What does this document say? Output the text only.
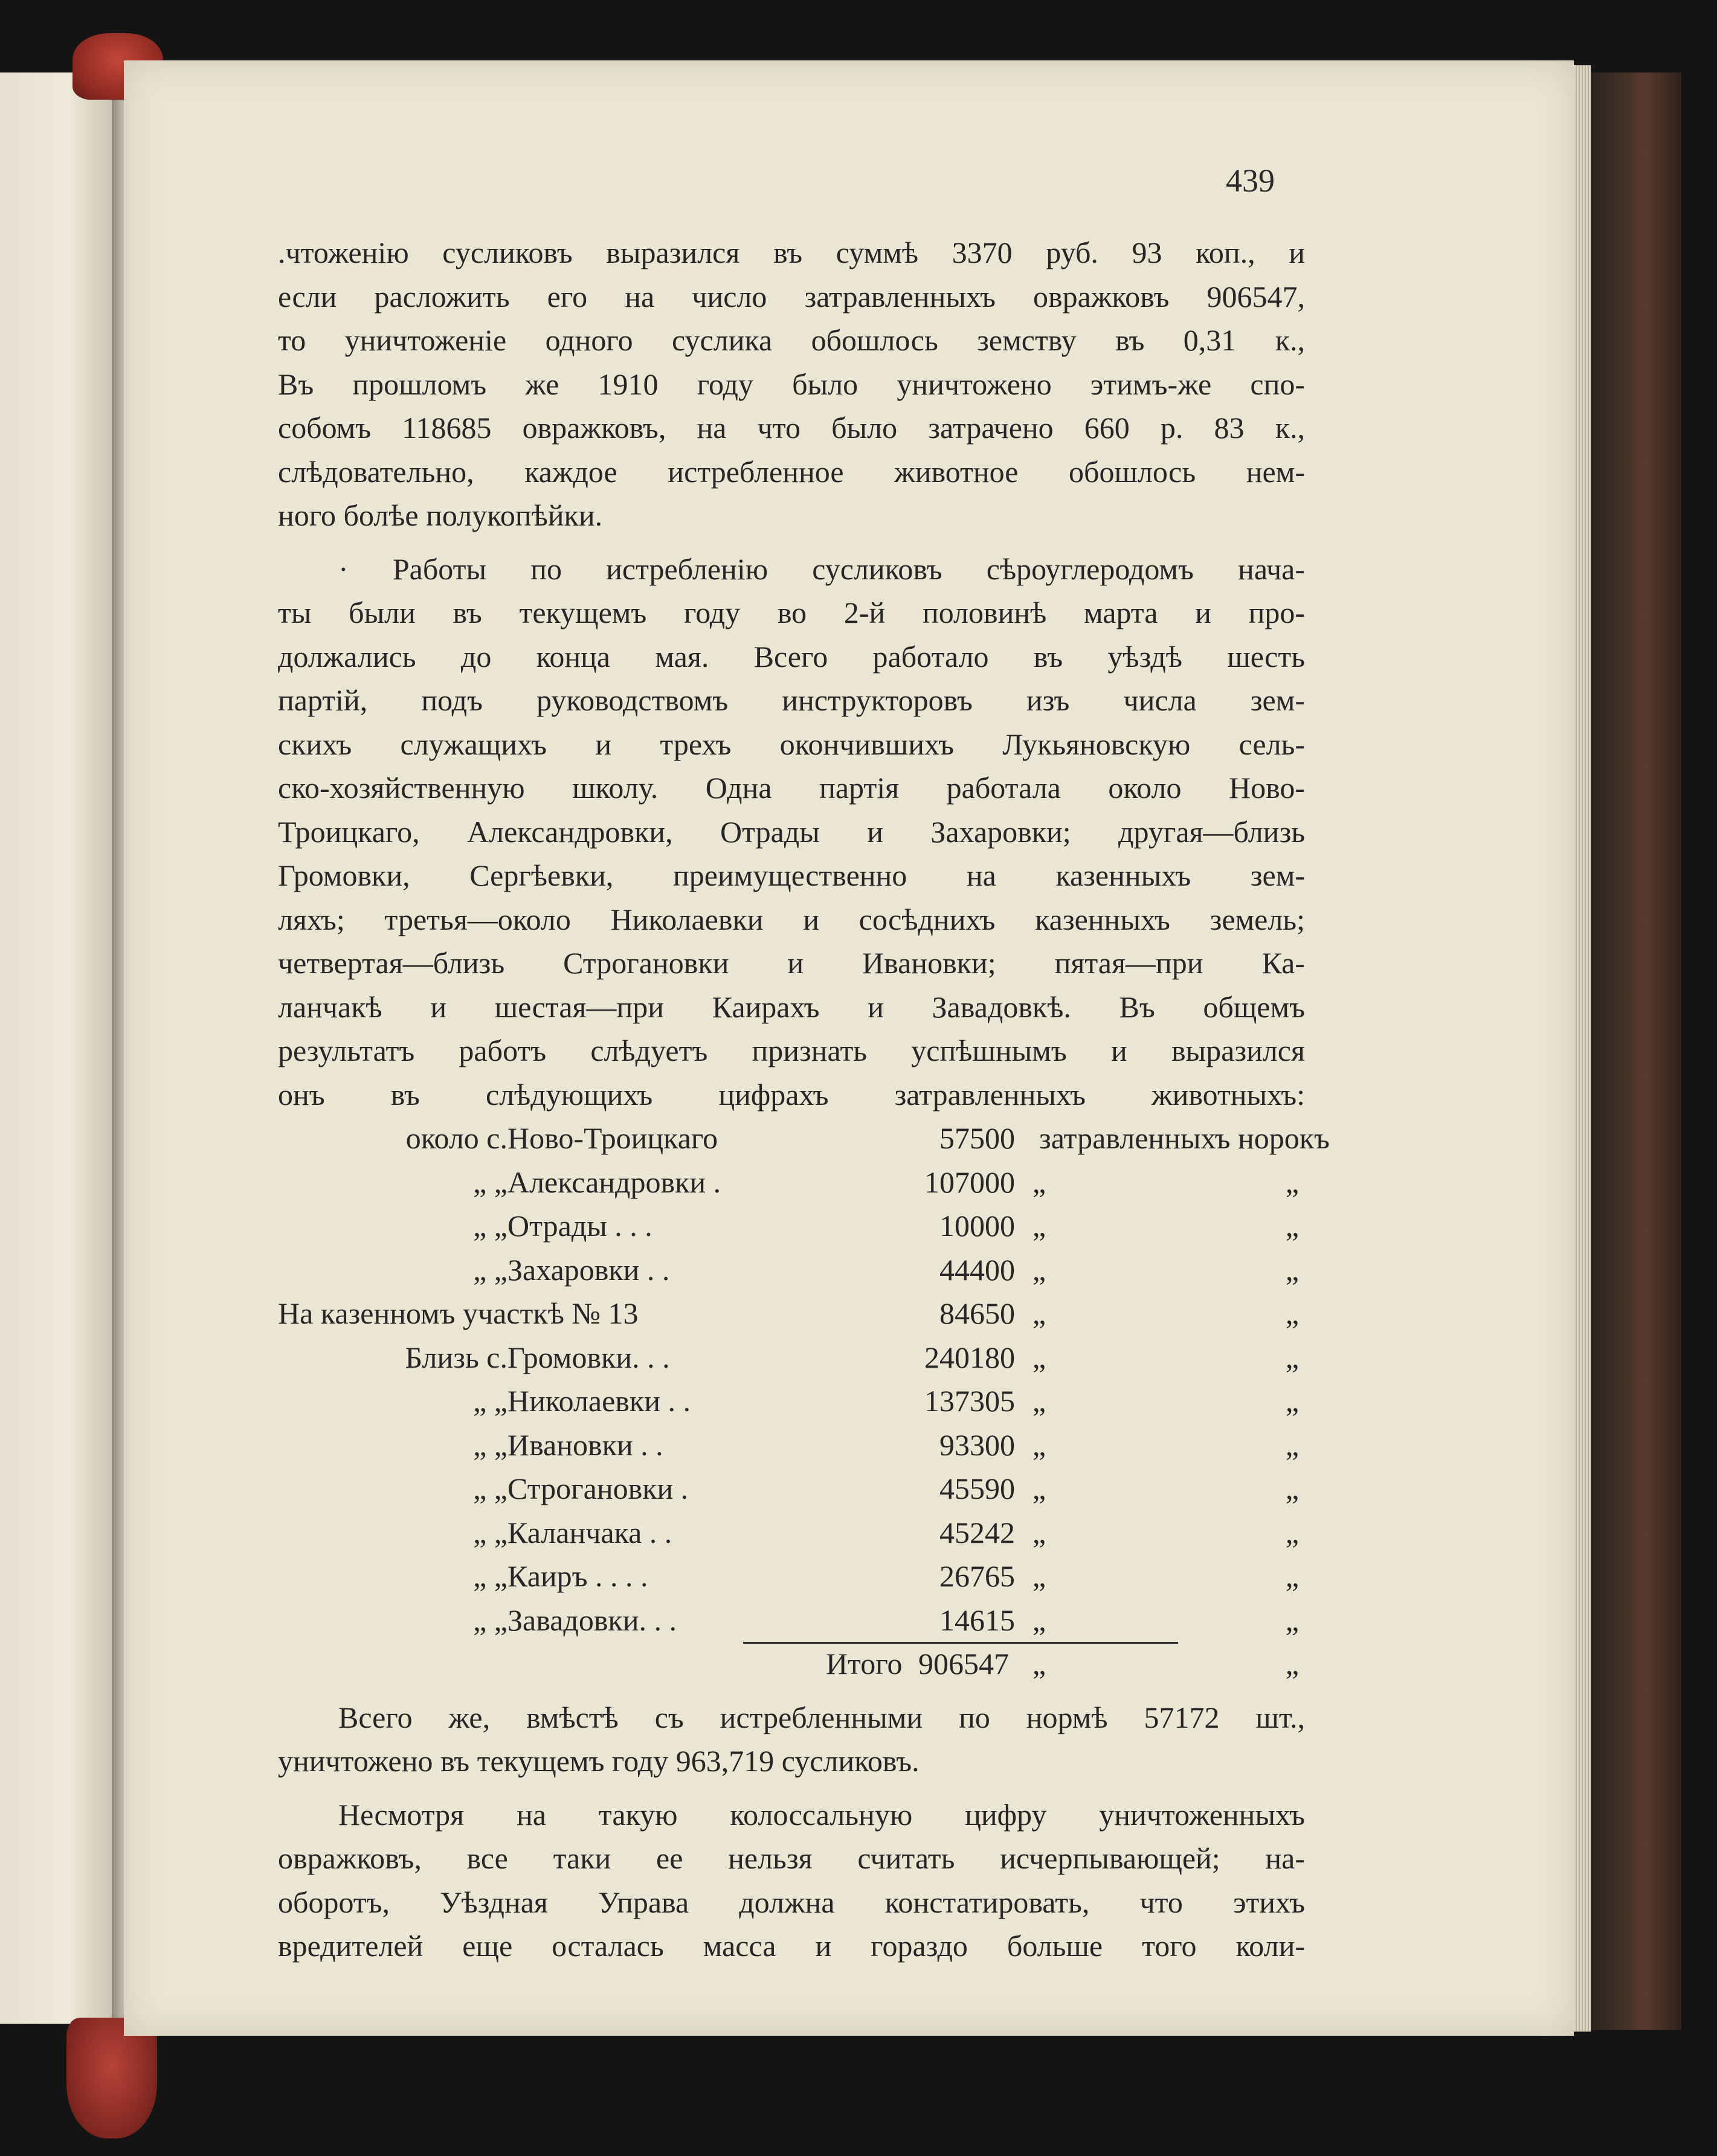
439
.чтоженію сусликовъ выразился въ суммѣ 3370 руб. 93 коп., и
если расложить его на число затравленныхъ овражковъ 906547,
то уничтоженіе одного суслика обошлось земству въ 0,31 к.,
Въ прошломъ же 1910 году было уничтожено этимъ-же спо-
собомъ 118685 овражковъ, на что было затрачено 660 р. 83 к.,
слѣдовательно, каждое истребленное животное обошлось нем-
ного болѣе полукопѣйки.
· Работы по истребленію сусликовъ сѣроуглеродомъ нача-
ты были въ текущемъ году во 2-й половинѣ марта и про-
должались до конца мая. Всего работало въ уѣздѣ шесть
партій, подъ руководствомъ инструкторовъ изъ числа зем-
скихъ служащихъ и трехъ окончившихъ Лукьяновскую сель-
ско-хозяйственную школу. Одна партія работала около Ново-
Троицкаго, Александровки, Отрады и Захаровки; другая—близь
Громовки, Сергѣевки, преимущественно на казенныхъ зем-
ляхъ; третья—около Николаевки и сосѣднихъ казенныхъ земель;
четвертая—близь Строгановки и Ивановки; пятая—при Ка-
ланчакѣ и шестая—при Каирахъ и Завадовкѣ. Въ общемъ
результатъ работъ слѣдуетъ признать успѣшнымъ и выразился
онъ въ слѣдующихъ цифрахъ затравленныхъ животныхъ:
около с. Ново-Троицкаго	57500 затравленныхъ норокъ
„ „ Александровки .	107000 „	„
„ „ Отрады . . .	10000 „	„
„ „ Захаровки . .	44400 „	„
На казенномъ участкѣ № 13	84650 „	„
Близь с. Громовки. . .	240180 „	„
„ „ Николаевки . .	137305 „	„
„ „ Ивановки . .	93300 „	„
„ „ Строгановки .	45590 „	„
„ „ Каланчака . .	45242 „	„
„ „ Каиръ . . . .	26765 „	„
„ „ Завадовки. . .	14615 „	„
Итого 906547 „	„
Всего же, вмѣстѣ съ истребленными по нормѣ 57172 шт.,
уничтожено въ текущемъ году 963,719 сусликовъ.
Несмотря на такую колоссальную цифру уничтоженныхъ
овражковъ, все таки ее нельзя считать исчерпывающей; на-
оборотъ, Уѣздная Управа должна констатировать, что этихъ
вредителей еще осталась масса и гораздо больше того коли-
